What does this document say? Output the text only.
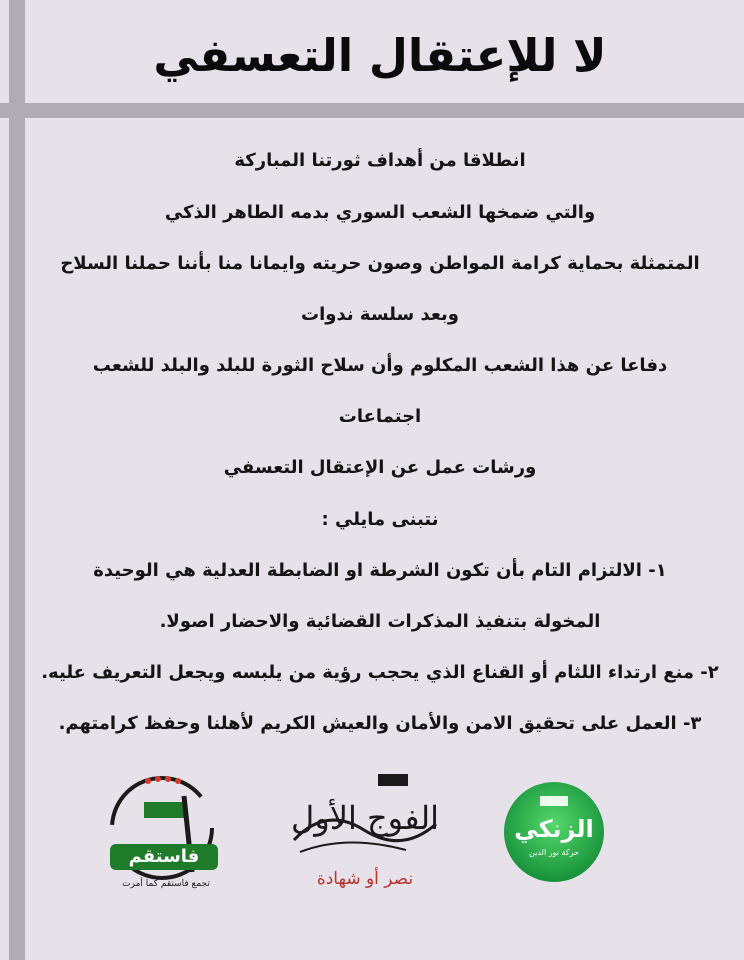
لا للإعتقال التعسفي
انطلاقا من أهداف ثورتنا المباركة
والتي ضمخها الشعب السوري بدمه الطاهر الذكي
المتمثلة بحماية كرامة المواطن وصون حريته وايمانا منا بأننا حملنا السلاح
وبعد سلسة ندوات
دفاعا عن هذا الشعب المكلوم وأن سلاح الثورة للبلد والبلد للشعب
اجتماعات
ورشات عمل عن الإعتقال التعسفي
نتبنى مايلي :
١- الالتزام التام بأن تكون الشرطة او الضابطة العدلية هي الوحيدة
المخولة بتنفيذ المذكرات القضائية والاحضار اصولا.
٢- منع ارتداء اللثام أو القناع الذي يحجب رؤية من يلبسه ويجعل التعريف عليه.
٣- العمل على تحقيق الامن والأمان والعيش الكريم لأهلنا وحفظ كرامتهم.
فاستقم
تجمع فاستقم كما أمرت
الفوج الأول
نصر أو شهادة
الزنكي
حركة نور الدين
